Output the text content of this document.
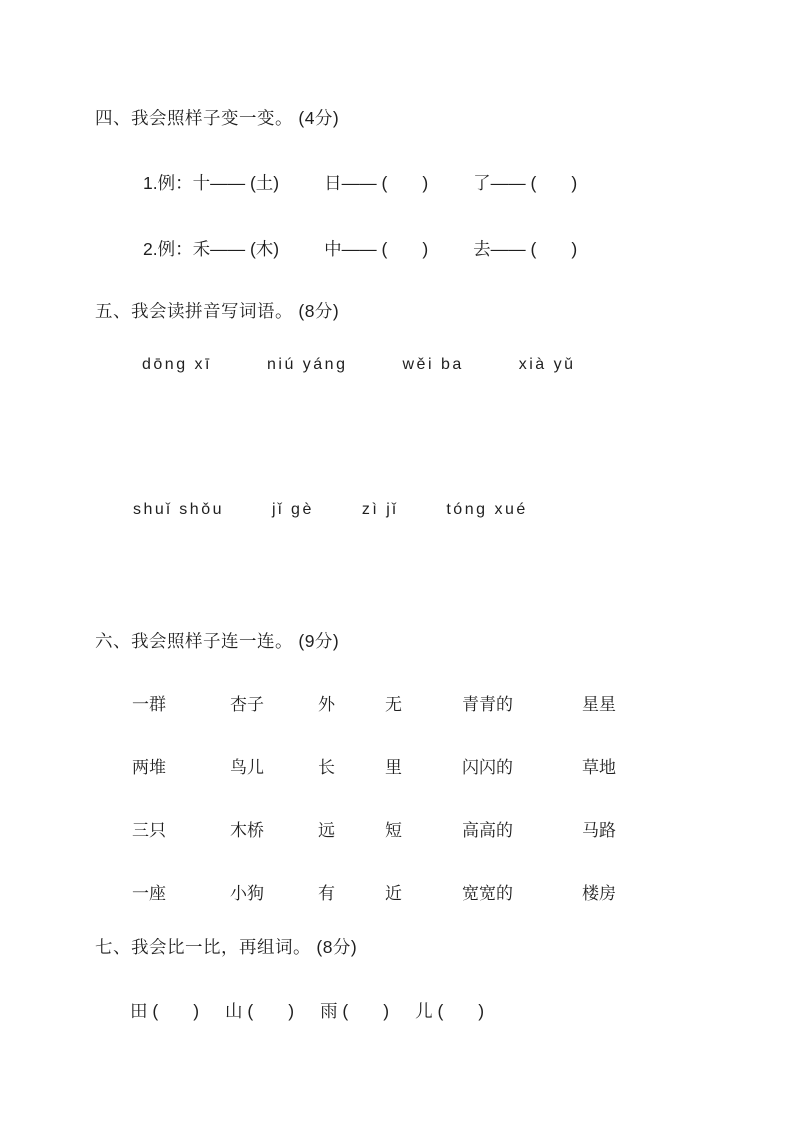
四、我会照样子变一变。 (4分)
1.例：十—— (土)	日—— (　　)	了—— (　　)
2.例：禾—— (木)	中—— (　　)	去—— (　　)
五、我会读拼音写词语。 (8分)
dōng xī	niú yáng	wěi ba	xià yǔ
shuǐ shǒu	jǐ gè	zì jǐ	tóng xué
六、我会照样子连一连。 (9分)
一群	杏子	外	无	青青的	星星
两堆	鸟儿	长	里	闪闪的	草地
三只	木桥	远	短	高高的	马路
一座	小狗	有	近	宽宽的	楼房
七、我会比一比，再组词。 (8分)
田 (　　) 山 (　　) 雨 (　　) 儿 (　　)
